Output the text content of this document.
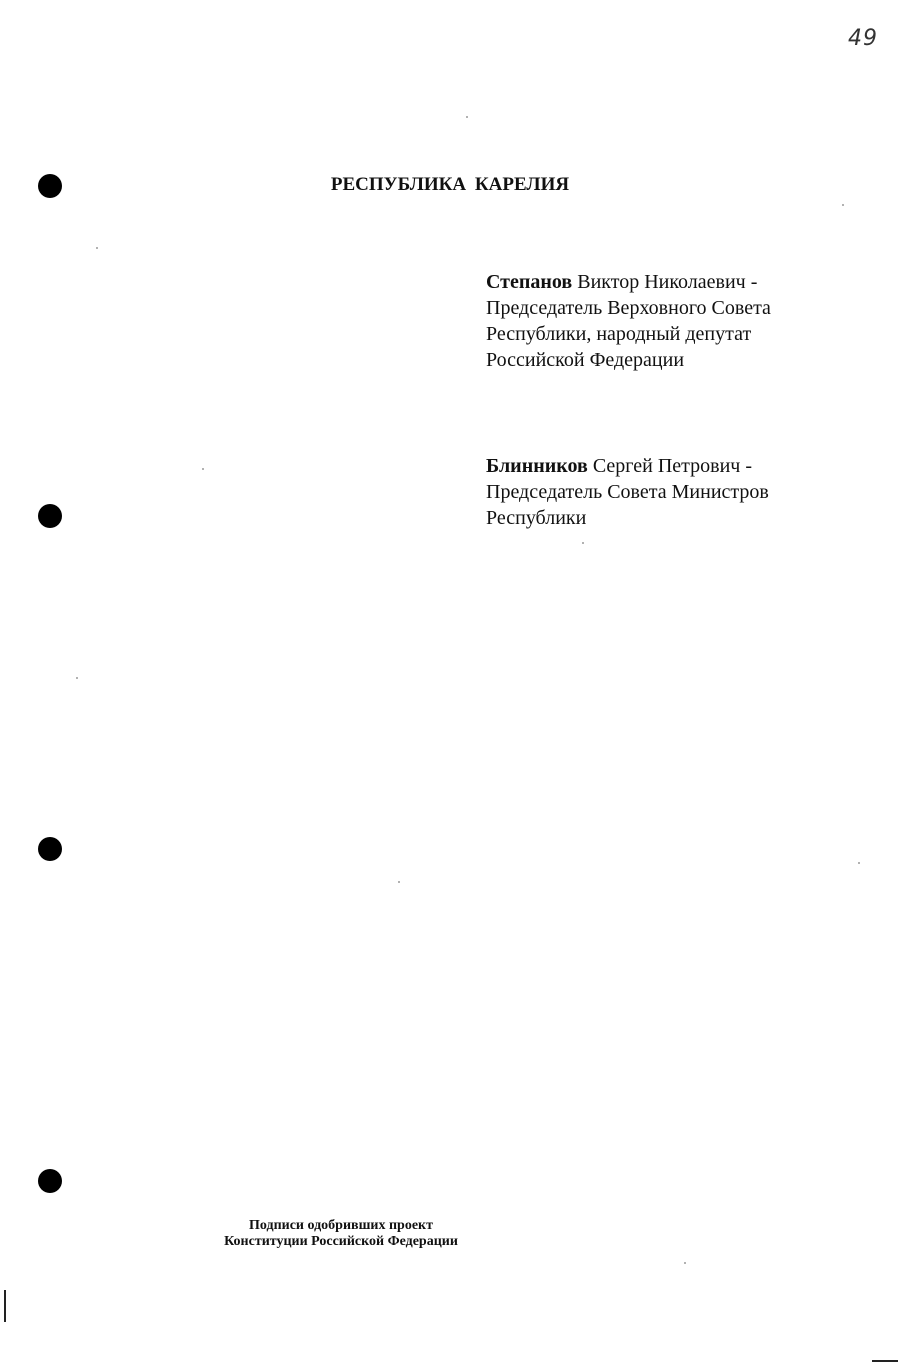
49
РЕСПУБЛИКА КАРЕЛИЯ
Степанов Виктор Николаевич -
Председатель Верховного Совета
Республики, народный депутат
Российской Федерации
Блинников Сергей Петрович -
Председатель Совета Министров
Республики
Подписи одобривших проект
Конституции Российской Федерации
